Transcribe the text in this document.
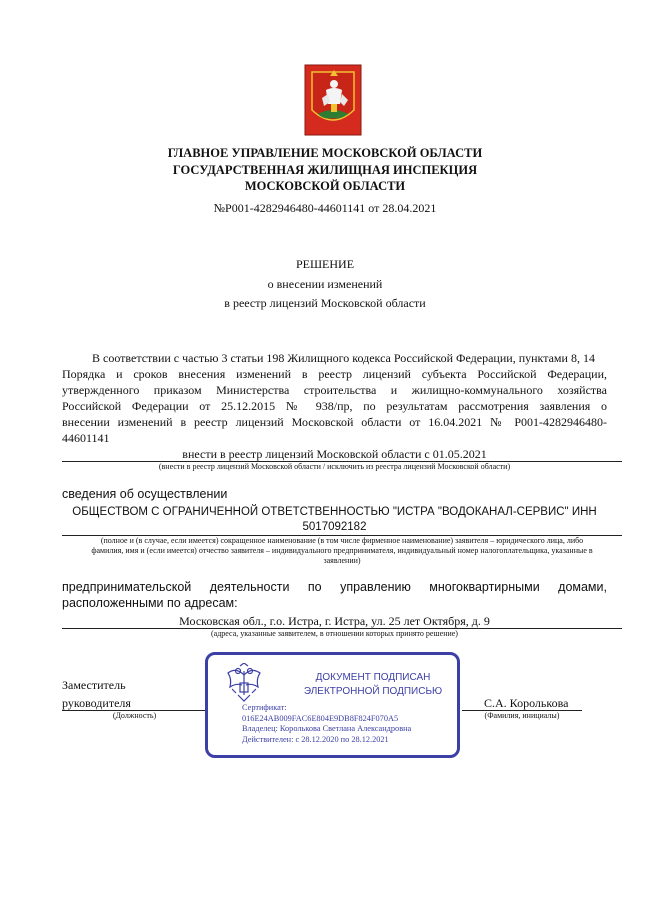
ГЛАВНОЕ УПРАВЛЕНИЕ МОСКОВСКОЙ ОБЛАСТИ
ГОСУДАРСТВЕННАЯ ЖИЛИЩНАЯ ИНСПЕКЦИЯ
МОСКОВСКОЙ ОБЛАСТИ
№Р001-4282946480-44601141 от 28.04.2021
РЕШЕНИЕ
о внесении изменений
в реестр лицензий Московской области
В соответствии с частью 3 статьи 198 Жилищного кодекса Российской Федерации, пунктами 8, 14
Порядка и сроков внесения изменений в реестр лицензий субъекта Российской Федерации,
утвержденного приказом Министерства строительства и жилищно-коммунального хозяйства
Российской Федерации от 25.12.2015 № 938/пр, по результатам рассмотрения заявления о
внесении изменений в реестр лицензий Московской области от 16.04.2021 № Р001-4282946480-
44601141
внести в реестр лицензий Московской области с 01.05.2021
(внести в реестр лицензий Московской области / исключить из реестра лицензий Московской области)
сведения об осуществлении
ОБЩЕСТВОМ С ОГРАНИЧЕННОЙ ОТВЕТСТВЕННОСТЬЮ "ИСТРА "ВОДОКАНАЛ-СЕРВИС" ИНН
5017092182
(полное и (в случае, если имеется) сокращенное наименование (в том числе фирменное наименование) заявителя – юридического лица, либо
фамилия, имя и (если имеется) отчество заявителя – индивидуального предпринимателя, индивидуальный номер налогоплательщика, указанные в
заявлении)
предпринимательской деятельности по управлению многоквартирными домами,
расположенными по адресам:
Московская обл., г.о. Истра, г. Истра, ул. 25 лет Октября, д. 9
(адреса, указанные заявителем, в отношении которых принято решение)
Заместитель
руководителя
(Должность)
С.А. Королькова
(Фамилия, инициалы)
ДОКУМЕНТ ПОДПИСАН
ЭЛЕКТРОННОЙ ПОДПИСЬЮ
Сертификат:
016E24AB009FAC6E804E9DB8F824F070A5
Владелец: Королькова Светлана Александровна
Действителен: с 28.12.2020 по 28.12.2021
